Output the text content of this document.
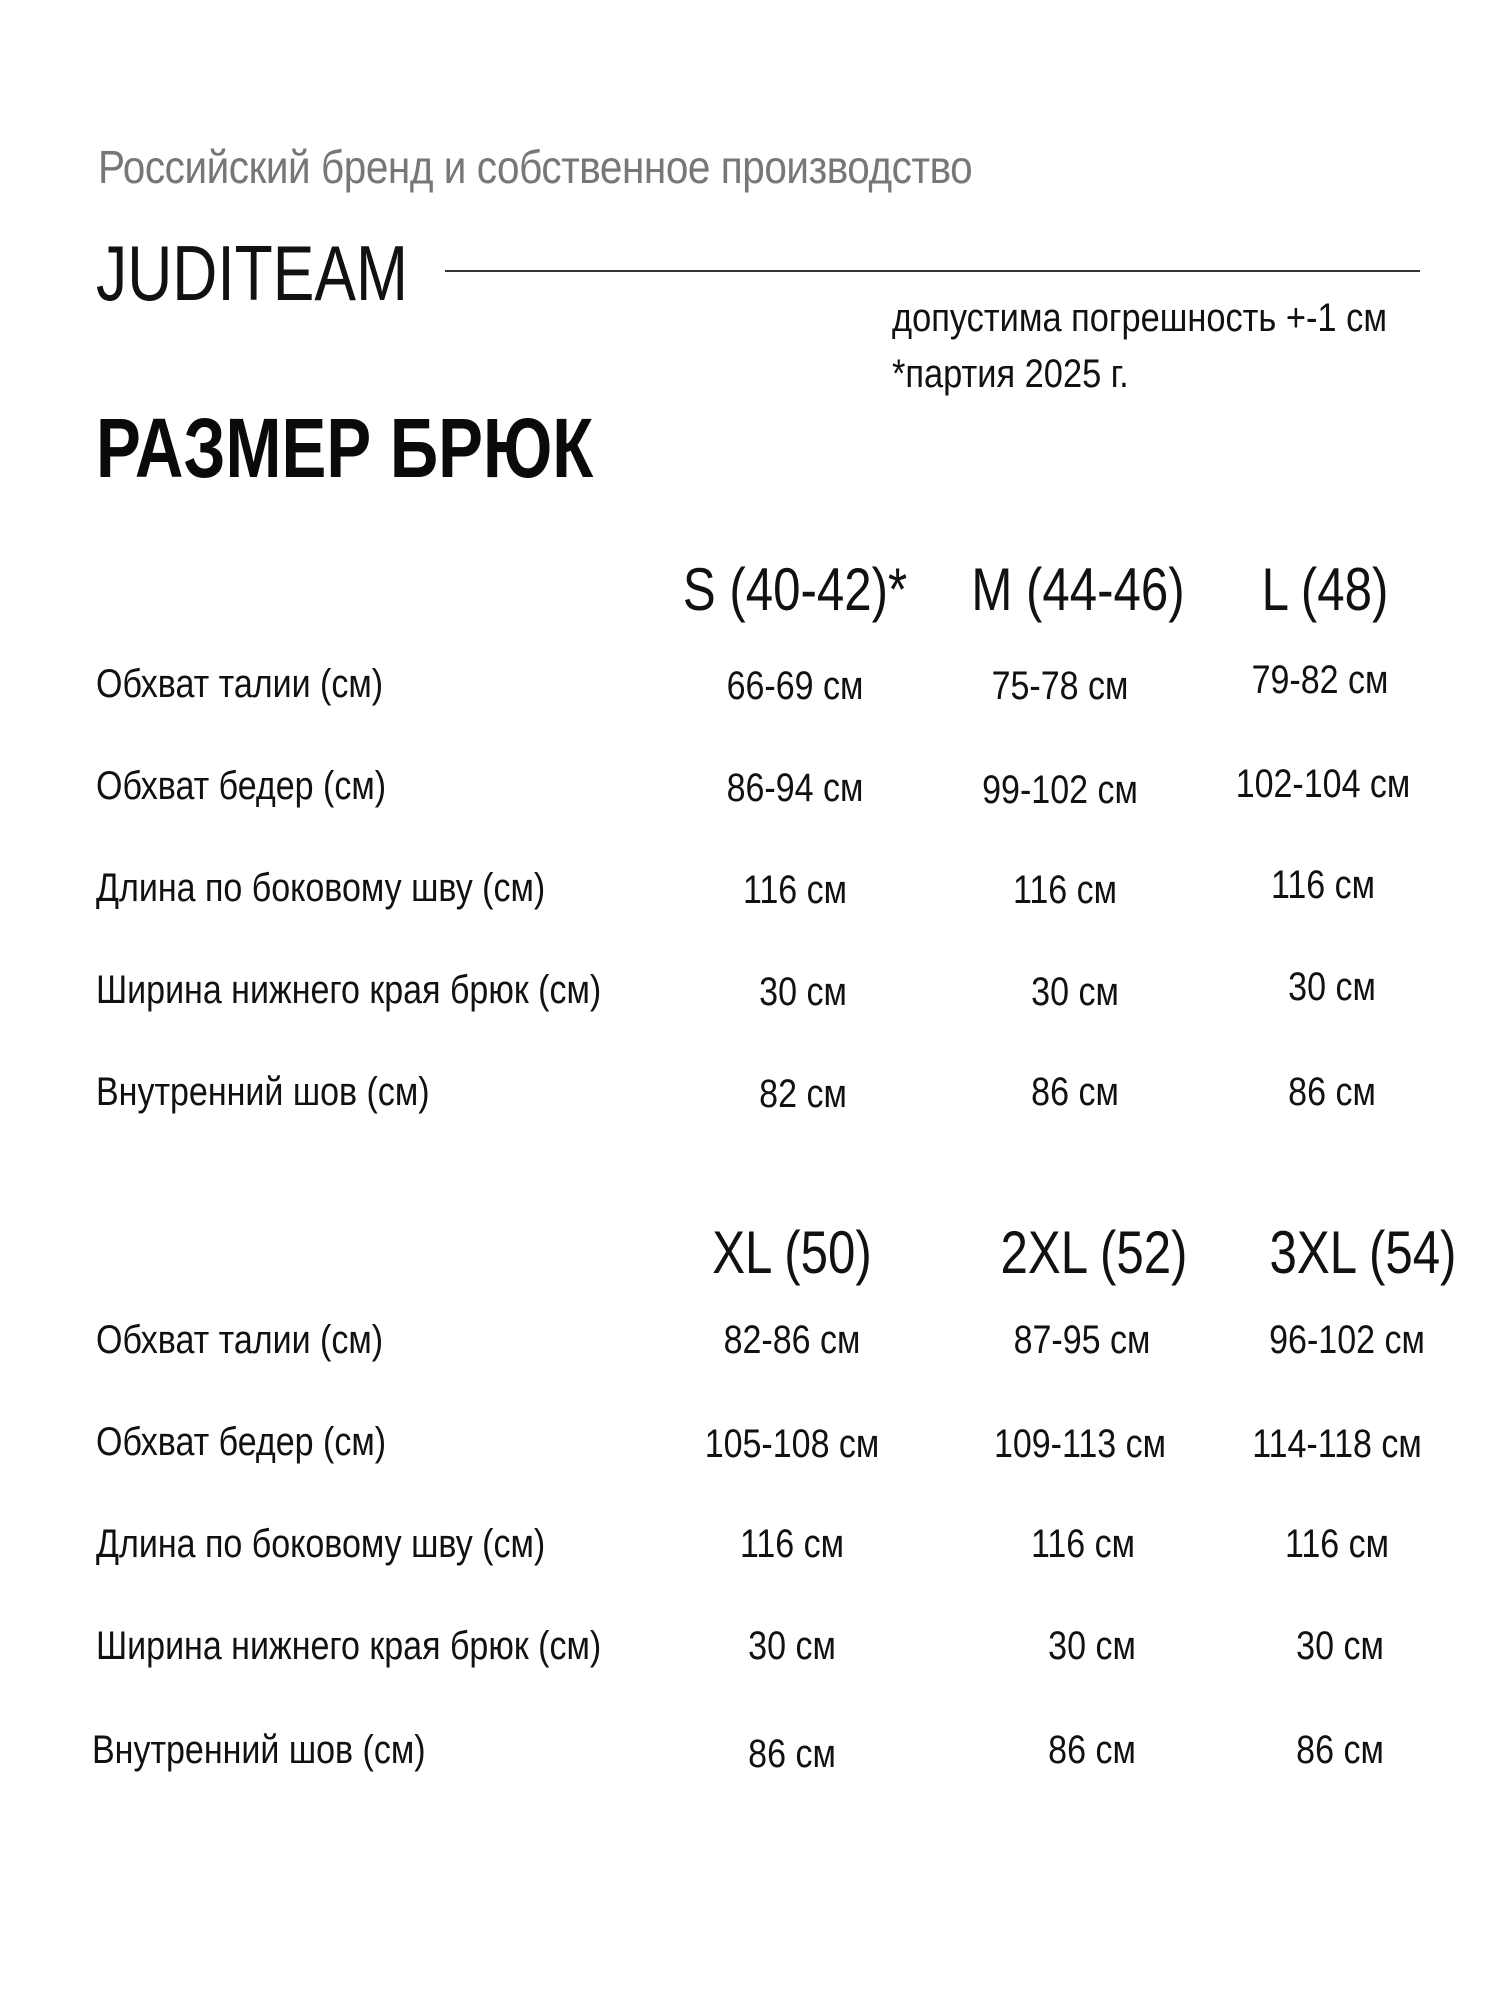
Российский бренд и собственное производство
JUDITEAM
допустима погрешность +-1 см
*партия 2025 г.
РАЗМЕР БРЮК
S (40-42)* M (44-46) L (48)
Обхват талии (см)	66-69 см	75-78 см	79-82 см
Обхват бедер (см)	86-94 см	99-102 см 102-104 см
Длина по боковому шву (см)	116 см	116 см	116 см
Ширина нижнего края брюк (см)	30 см	30 см	30 см
Внутренний шов (см)	82 см	86 см	86 см
XL (50) 2XL (52) 3XL (54)
Обхват талии (см)	82-86 см	87-95 см	96-102 см
Обхват бедер (см)	105-108 см	109-113 см 114-118 см
Длина по боковому шву (см)	116 см	116 см	116 см
Ширина нижнего края брюк (см)	30 см	30 см	30 см
Внутренний шов (см)	86 см	86 см	86 см
